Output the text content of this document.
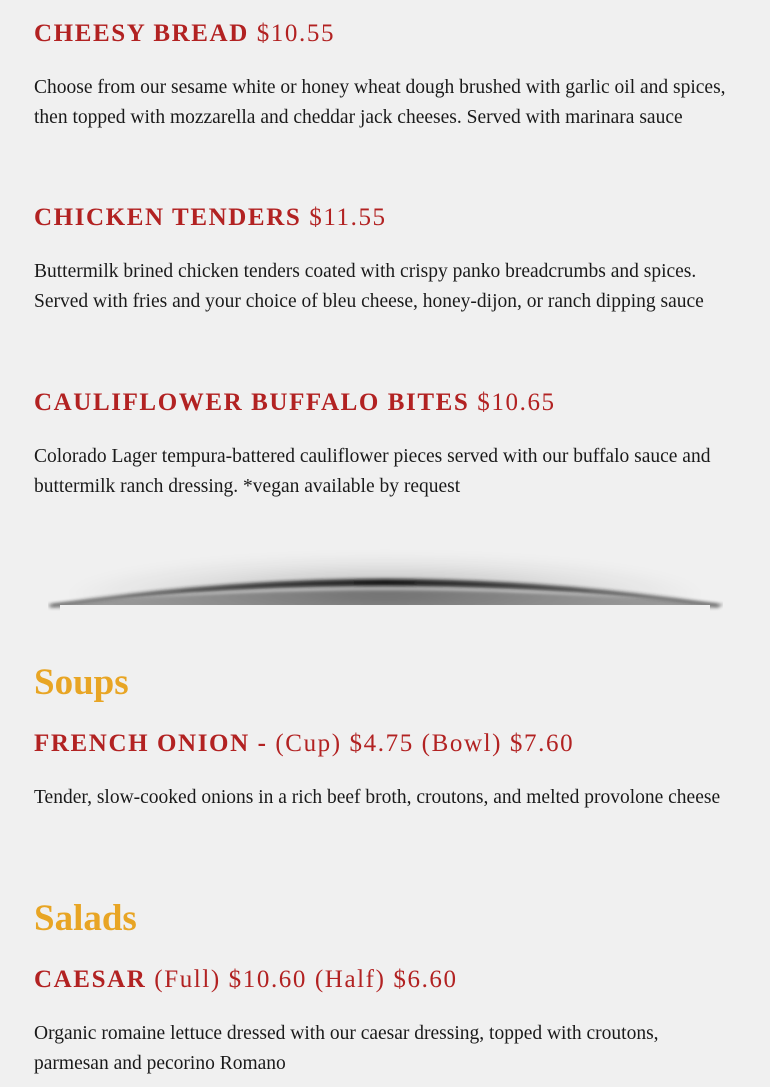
CHEESY BREAD $10.55

Choose from our sesame white or honey wheat dough brushed with garlic oil and spices, then topped with mozzarella and cheddar jack cheeses. Served with marinara sauce

CHICKEN TENDERS $11.55

Buttermilk brined chicken tenders coated with crispy panko breadcrumbs and spices. Served with fries and your choice of bleu cheese, honey-dijon, or ranch dipping sauce

CAULIFLOWER BUFFALO BITES $10.65

Colorado Lager tempura-battered cauliflower pieces served with our buffalo sauce and buttermilk ranch dressing. *vegan available by request

Soups
FRENCH ONION - (Cup) $4.75 (Bowl) $7.60

Tender, slow-cooked onions in a rich beef broth, croutons, and melted provolone cheese

Salads
CAESAR (Full) $10.60 (Half) $6.60

Organic romaine lettuce dressed with our caesar dressing, topped with croutons, parmesan and pecorino Romano
